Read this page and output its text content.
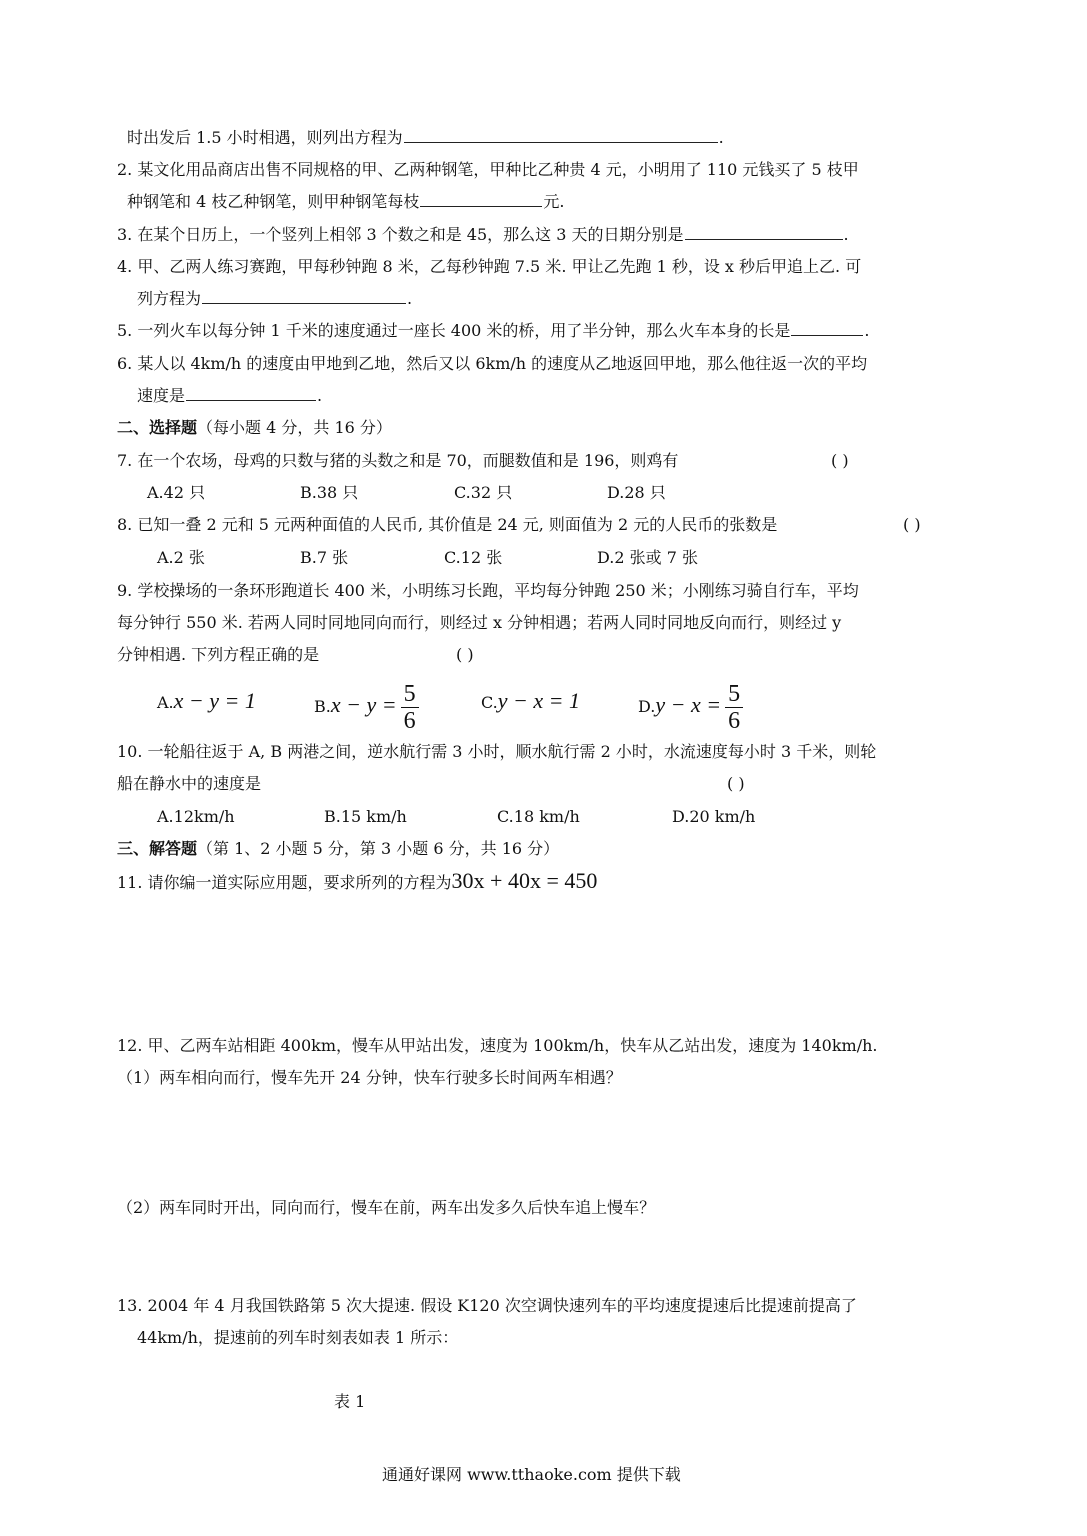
时出发后 1.5 小时相遇，则列出方程为	.
2. 某文化用品商店出售不同规格的甲、乙两种钢笔，甲种比乙种贵 4 元，小明用了 110 元钱买了 5 枝甲
种钢笔和 4 枝乙种钢笔，则甲种钢笔每枝	元.
3. 在某个日历上，一个竖列上相邻 3 个数之和是 45，那么这 3 天的日期分别是	.
4. 甲、乙两人练习赛跑，甲每秒钟跑 8 米，乙每秒钟跑 7.5 米. 甲让乙先跑 1 秒，设 x 秒后甲追上乙. 可
列方程为	.
5. 一列火车以每分钟 1 千米的速度通过一座长 400 米的桥，用了半分钟，那么火车本身的长是	.
6. 某人以 4km/h 的速度由甲地到乙地，然后又以 6km/h 的速度从乙地返回甲地，那么他往返一次的平均
速度是	.
二、选择题（每小题 4 分，共 16 分）
7. 在一个农场，母鸡的只数与猪的头数之和是 70，而腿数值和是 196，则鸡有	( )
A.42 只	B.38 只	C.32 只	D.28 只
8. 已知一叠 2 元和 5 元两种面值的人民币, 其价值是 24 元, 则面值为 2 元的人民币的张数是	( )
A.2 张	B.7 张	C.12 张	D.2 张或 7 张
9. 学校操场的一条环形跑道长 400 米，小明练习长跑，平均每分钟跑 250 米；小刚练习骑自行车，平均
每分钟行 550 米. 若两人同时同地同向而行，则经过 x 分钟相遇；若两人同时同地反向而行，则经过 y
分钟相遇. 下列方程正确的是	( )
A.x − y = 1	$B.x - y = \frac{5}{6}$	C.y − x = 1	$D.y - x = \frac{5}{6}$
10. 一轮船往返于 A, B 两港之间，逆水航行需 3 小时，顺水航行需 2 小时，水流速度每小时 3 千米，则轮
船在静水中的速度是	( )
A.12km/h	B.15 km/h	C.18 km/h	D.20 km/h
三、解答题（第 1、2 小题 5 分，第 3 小题 6 分，共 16 分）
11. 请你编一道实际应用题，要求所列的方程为30x + 40x = 450
12. 甲、乙两车站相距 400km，慢车从甲站出发，速度为 100km/h，快车从乙站出发，速度为 140km/h.
（1）两车相向而行，慢车先开 24 分钟，快车行驶多长时间两车相遇？
（2）两车同时开出，同向而行，慢车在前，两车出发多久后快车追上慢车？
13. 2004 年 4 月我国铁路第 5 次大提速. 假设 K120 次空调快速列车的平均速度提速后比提速前提高了
44km/h，提速前的列车时刻表如表 1 所示：
表 1
通通好课网 www.tthaoke.com 提供下载
